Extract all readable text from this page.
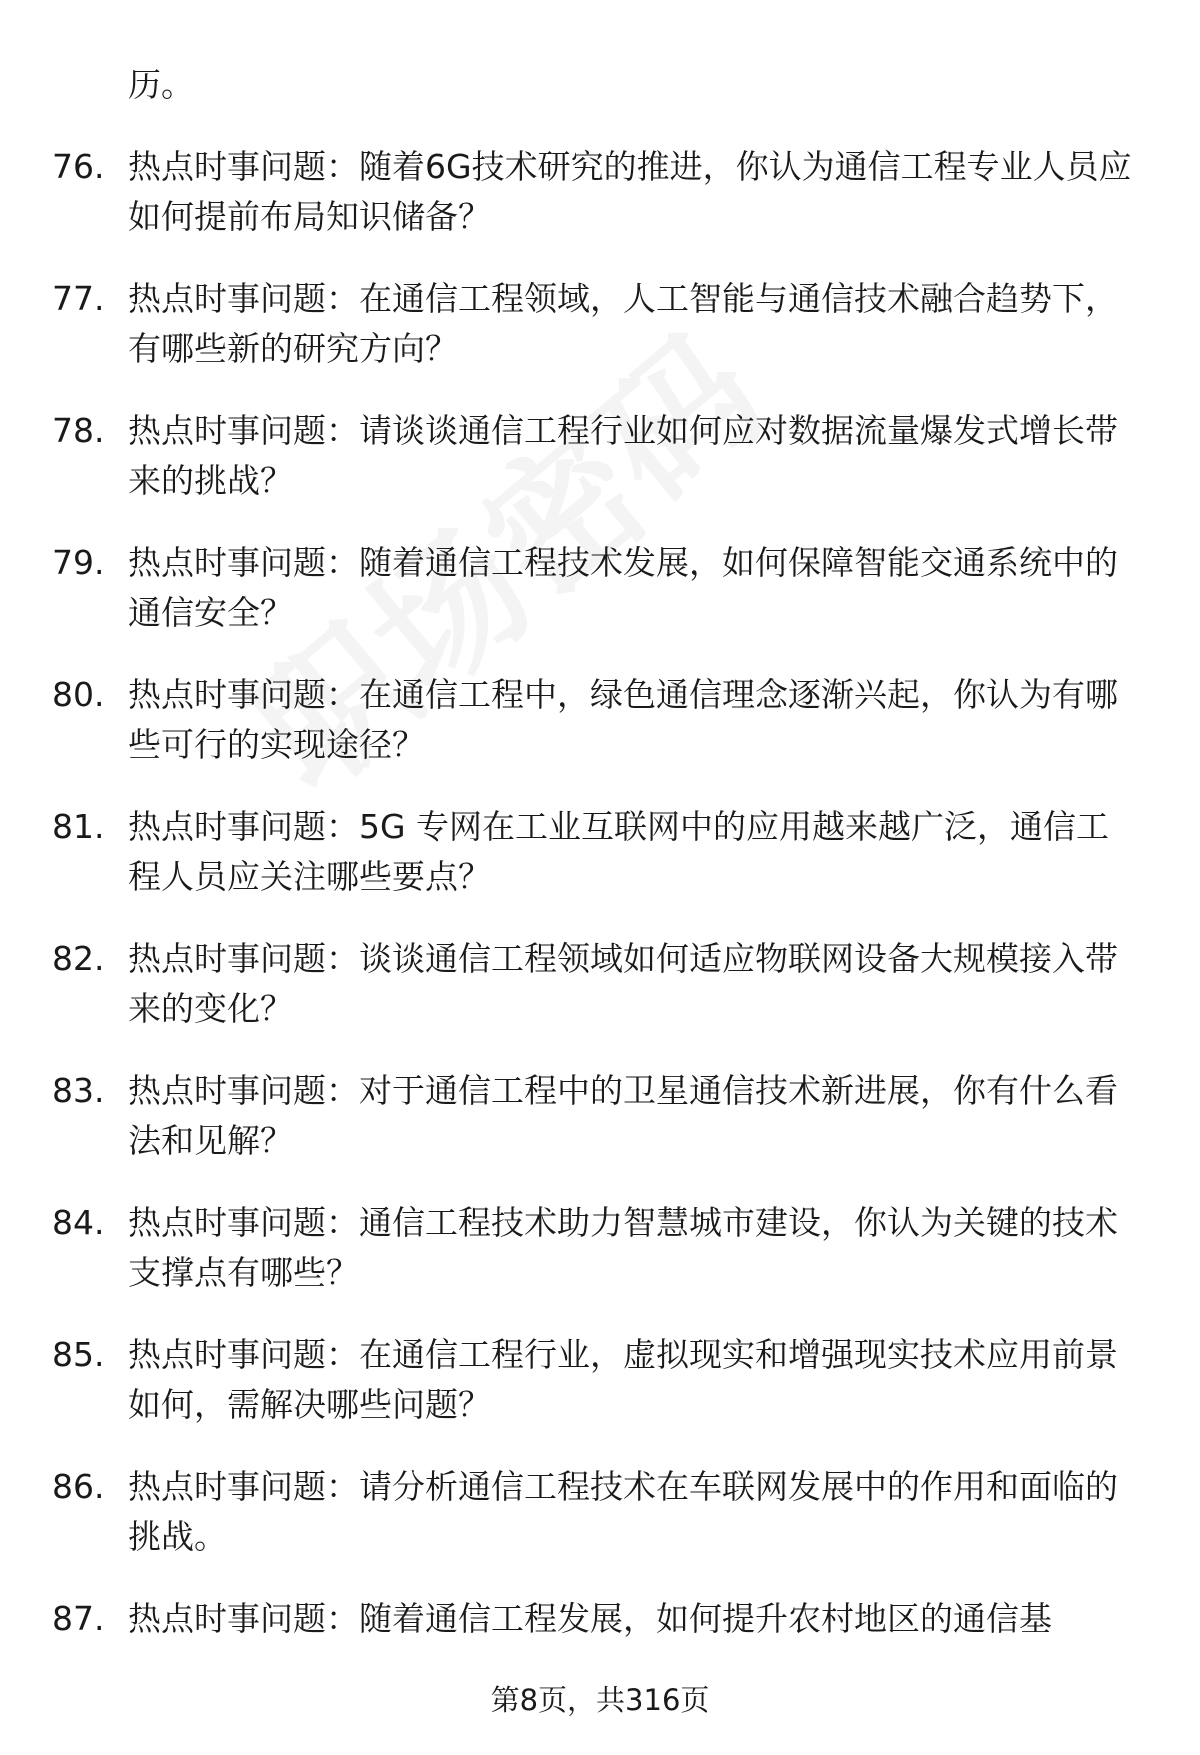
历。
76. 热点时事问题：随着6G技术研究的推进，你认为通信工程专业人员应如何提前布局知识储备？
77. 热点时事问题：在通信工程领域，人工智能与通信技术融合趋势下，有哪些新的研究方向？
78. 热点时事问题：请谈谈通信工程行业如何应对数据流量爆发式增长带来的挑战？
79. 热点时事问题：随着通信工程技术发展，如何保障智能交通系统中的通信安全？
80. 热点时事问题：在通信工程中，绿色通信理念逐渐兴起，你认为有哪些可行的实现途径？
81. 热点时事问题：5G 专网在工业互联网中的应用越来越广泛，通信工程人员应关注哪些要点？
82. 热点时事问题：谈谈通信工程领域如何适应物联网设备大规模接入带来的变化？
83. 热点时事问题：对于通信工程中的卫星通信技术新进展，你有什么看法和见解？
84. 热点时事问题：通信工程技术助力智慧城市建设，你认为关键的技术支撑点有哪些？
85. 热点时事问题：在通信工程行业，虚拟现实和增强现实技术应用前景如何，需解决哪些问题？
86. 热点时事问题：请分析通信工程技术在车联网发展中的作用和面临的挑战。
87. 热点时事问题：随着通信工程发展，如何提升农村地区的通信基
第8页，共316页
